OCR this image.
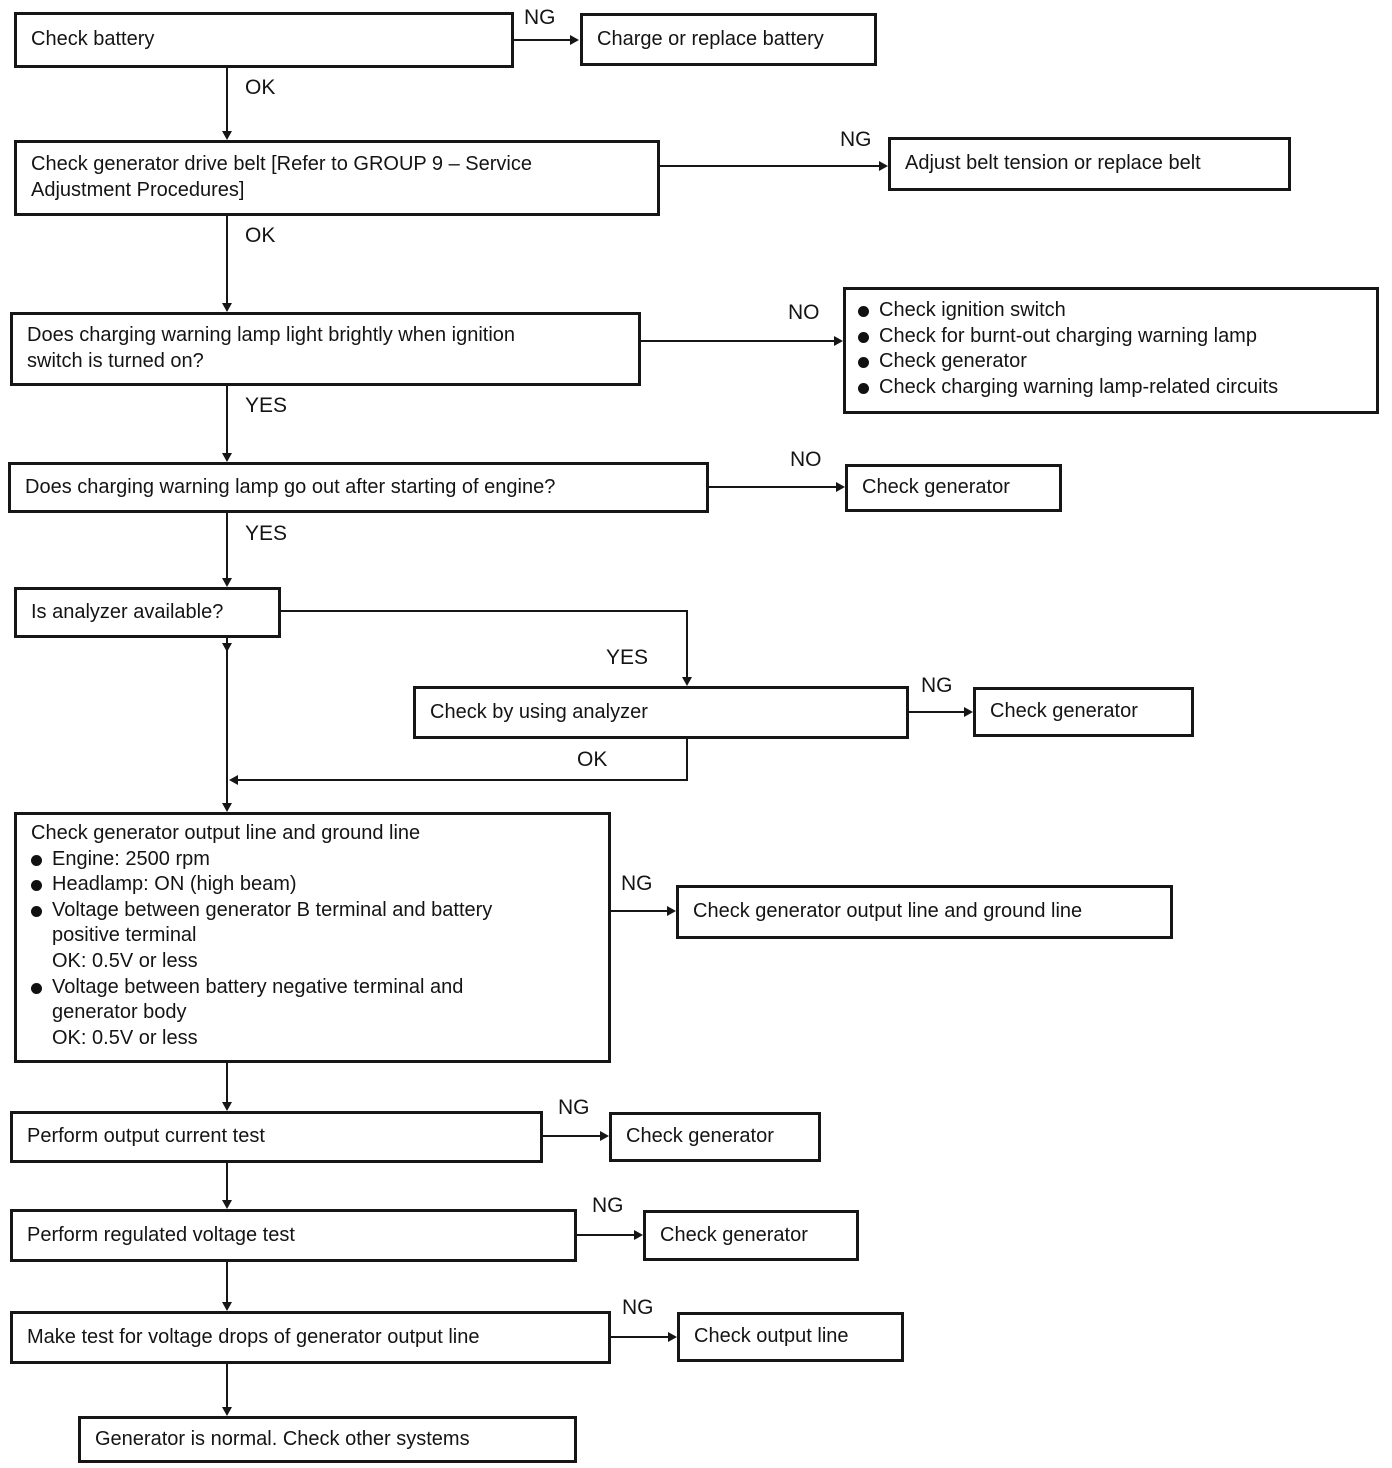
Check battery
NG
Charge or replace battery
OK
Check generator drive belt [Refer to GROUP 9 – Service Adjustment Procedures]
NG
Adjust belt tension or replace belt
OK
Does charging warning lamp light brightly when ignition switch is turned on?
NO	Check ignition switch
Check for burnt-out charging warning lamp
Check generator
Check charging warning lamp-related circuits
YES
Does charging warning lamp go out after starting of engine?
NO
Check generator
YES
Is analyzer available?
YES
Check by using analyzer
NG
Check generator
OK
Check generator output line and ground line
Engine: 2500 rpm
Headlamp: ON (high beam)
Voltage between generator B terminal and battery positive terminal
OK: 0.5V or less
Voltage between battery negative terminal and generator body
OK: 0.5V or less
NG
Check generator output line and ground line
Perform output current test
NG
Check generator
Perform regulated voltage test
NG
Check generator
Make test for voltage drops of generator output line
NG
Check output line
Generator is normal. Check other systems
